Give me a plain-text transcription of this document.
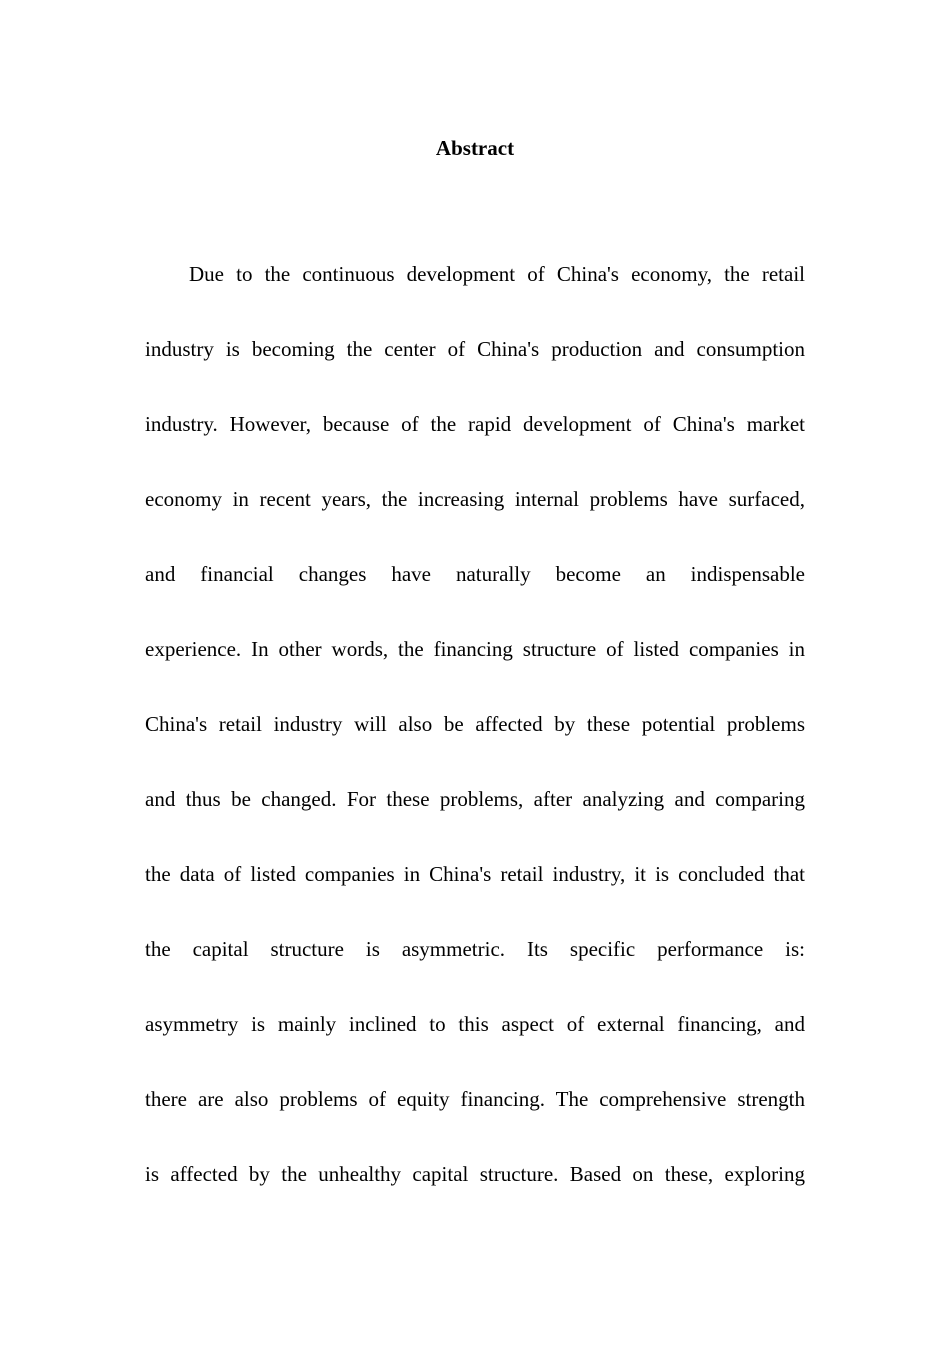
Abstract
Due to the continuous development of China's economy, the retail
industry is becoming the center of China's production and consumption
industry. However, because of the rapid development of China's market
economy in recent years, the increasing internal problems have surfaced,
and financial changes have naturally become an indispensable
experience. In other words, the financing structure of listed companies in
China's retail industry will also be affected by these potential problems
and thus be changed. For these problems, after analyzing and comparing
the data of listed companies in China's retail industry, it is concluded that
the capital structure is asymmetric. Its specific performance is:
asymmetry is mainly inclined to this aspect of external financing, and
there are also problems of equity financing. The comprehensive strength
is affected by the unhealthy capital structure. Based on these, exploring
